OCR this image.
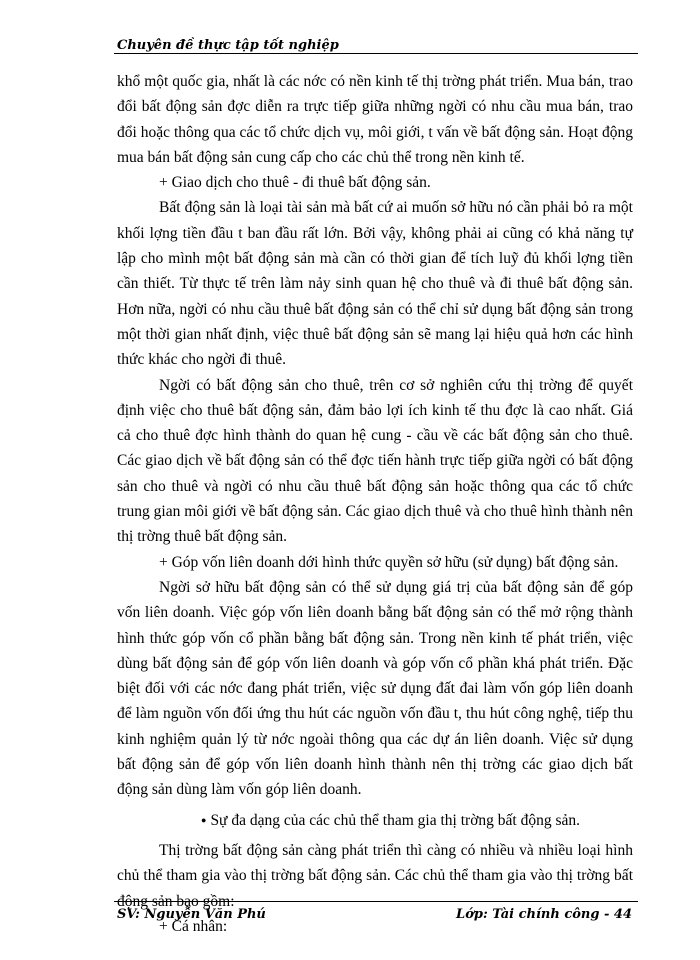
Chuyên đề thực tập tốt nghiệp

khổ một quốc gia, nhất là các nớc có nền kinh tế thị trờng phát triển. Mua bán, trao đổi bất động sản đợc diễn ra trực tiếp giữa những ngời có nhu cầu mua bán, trao đổi hoặc thông qua các tổ chức dịch vụ, môi giới, t vấn về bất động sản. Hoạt động mua bán bất động sản cung cấp cho các chủ thể trong nền kinh tế.

+ Giao dịch cho thuê - đi thuê bất động sản.

Bất động sản là loại tài sản mà bất cứ ai muốn sở hữu nó cần phải bỏ ra một khối lợng tiền đầu t ban đầu rất lớn. Bởi vậy, không phải ai cũng có khả năng tự lập cho mình một bất động sản mà cần có thời gian để tích luỹ đủ khối lợng tiền cần thiết. Từ thực tế trên làm nảy sinh quan hệ cho thuê và đi thuê bất động sản. Hơn nữa, ngời có nhu cầu thuê bất động sản có thể chỉ sử dụng bất động sản trong một thời gian nhất định, việc thuê bất động sản sẽ mang lại hiệu quả hơn các hình thức khác cho ngời đi thuê.

Ngời có bất động sản cho thuê, trên cơ sở nghiên cứu thị trờng để quyết định việc cho thuê bất động sản, đảm bảo lợi ích kinh tế thu đợc là cao nhất. Giá cả cho thuê đợc hình thành do quan hệ cung - cầu về các bất động sản cho thuê. Các giao dịch về bất động sản có thể đợc tiến hành trực tiếp giữa ngời có bất động sản cho thuê và ngời có nhu cầu thuê bất động sản hoặc thông qua các tổ chức trung gian môi giới về bất động sản. Các giao dịch thuê và cho thuê hình thành nên thị trờng thuê bất động sản.

+ Góp vốn liên doanh dới hình thức quyền sở hữu (sử dụng) bất động sản.

Ngời sở hữu bất động sản có thể sử dụng giá trị của bất động sản để góp vốn liên doanh. Việc góp vốn liên doanh bằng bất động sản có thể mở rộng thành hình thức góp vốn cổ phần bằng bất động sản. Trong nền kinh tế phát triển, việc dùng bất động sản để góp vốn liên doanh và góp vốn cổ phần khá phát triển. Đặc biệt đối với các nớc đang phát triển, việc sử dụng đất đai làm vốn góp liên doanh để làm nguồn vốn đối ứng thu hút các nguồn vốn đầu t, thu hút công nghệ, tiếp thu kinh nghiệm quản lý từ nớc ngoài thông qua các dự án liên doanh. Việc sử dụng bất động sản để góp vốn liên doanh hình thành nên thị trờng các giao dịch bất động sản dùng làm vốn góp liên doanh.

● Sự đa dạng của các chủ thể tham gia thị trờng bất động sản.

Thị trờng bất động sản càng phát triển thì càng có nhiều và nhiều loại hình chủ thể tham gia vào thị trờng bất động sản. Các chủ thể tham gia vào thị trờng bất động sản bao gồm:

+ Cá nhân:

SV: Nguyễn Văn Phú	Lớp: Tài chính công - 44
